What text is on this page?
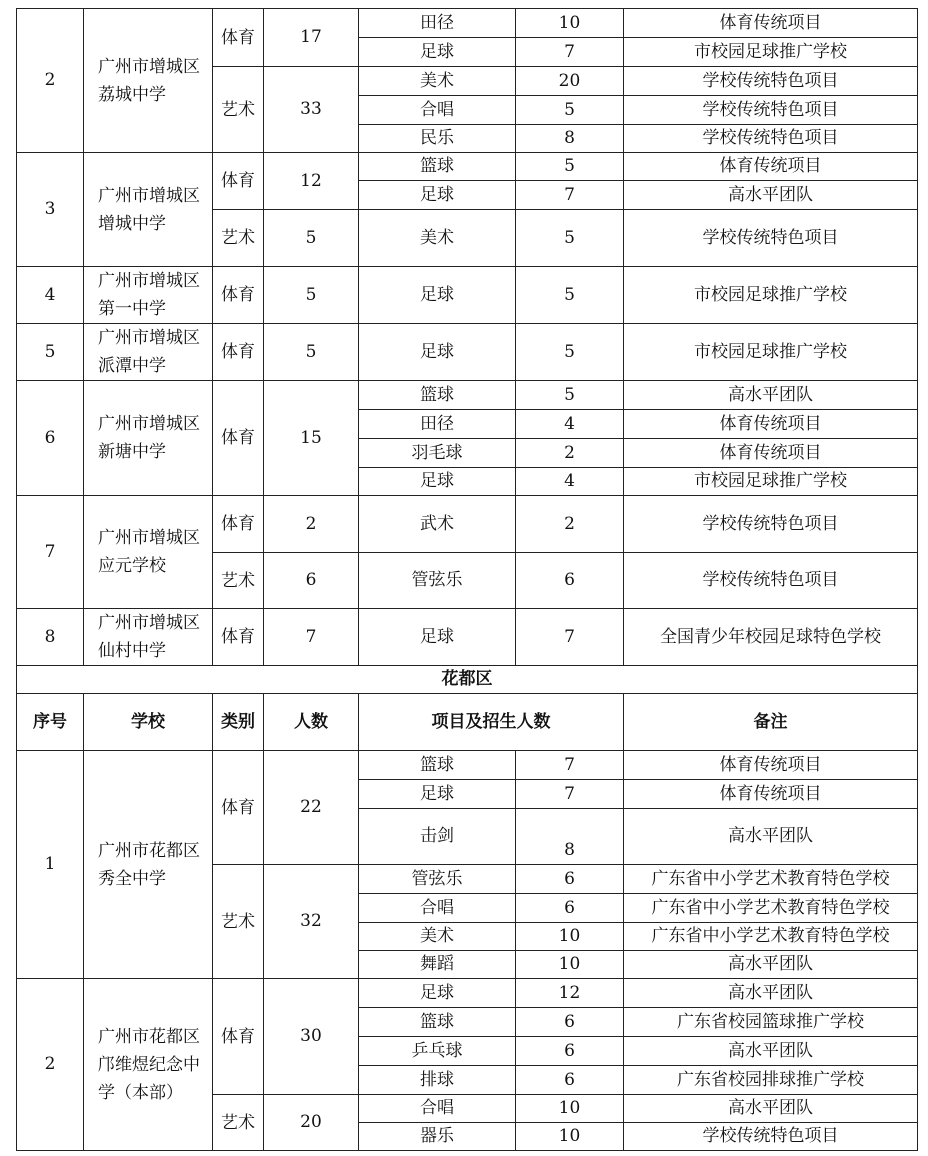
2	广州市增城区荔城中学	体育	17	田径	10	体育传统项目
				足球	7	市校园足球推广学校
		艺术	33	美术	20	学校传统特色项目
				合唱	5	学校传统特色项目
				民乐	8	学校传统特色项目
3	广州市增城区增城中学	体育	12	篮球	5	体育传统项目
				足球	7	高水平团队
		艺术	5	美术	5	学校传统特色项目
4	广州市增城区第一中学	体育	5	足球	5	市校园足球推广学校
5	广州市增城区派潭中学	体育	5	足球	5	市校园足球推广学校
6	广州市增城区新塘中学	体育	15	篮球	5	高水平团队
				田径	4	体育传统项目
				羽毛球	2	体育传统项目
				足球	4	市校园足球推广学校
7	广州市增城区应元学校	体育	2	武术	2	学校传统特色项目
		艺术	6	管弦乐	6	学校传统特色项目
8	广州市增城区仙村中学	体育	7	足球	7	全国青少年校园足球特色学校
花都区						
序号	学校	类别	人数	项目及招生人数		备注
1	广州市花都区秀全中学	体育	22	篮球	7	体育传统项目
				足球	7	体育传统项目
				击剑	8	高水平团队
		艺术	32	管弦乐	6	广东省中小学艺术教育特色学校
				合唱	6	广东省中小学艺术教育特色学校
				美术	10	广东省中小学艺术教育特色学校
				舞蹈	10	高水平团队
2	广州市花都区邝维煜纪念中学（本部）	体育	30	足球	12	高水平团队
				篮球	6	广东省校园篮球推广学校
				乒乓球	6	高水平团队
				排球	6	广东省校园排球推广学校
		艺术	20	合唱	10	高水平团队
				器乐	10	学校传统特色项目
